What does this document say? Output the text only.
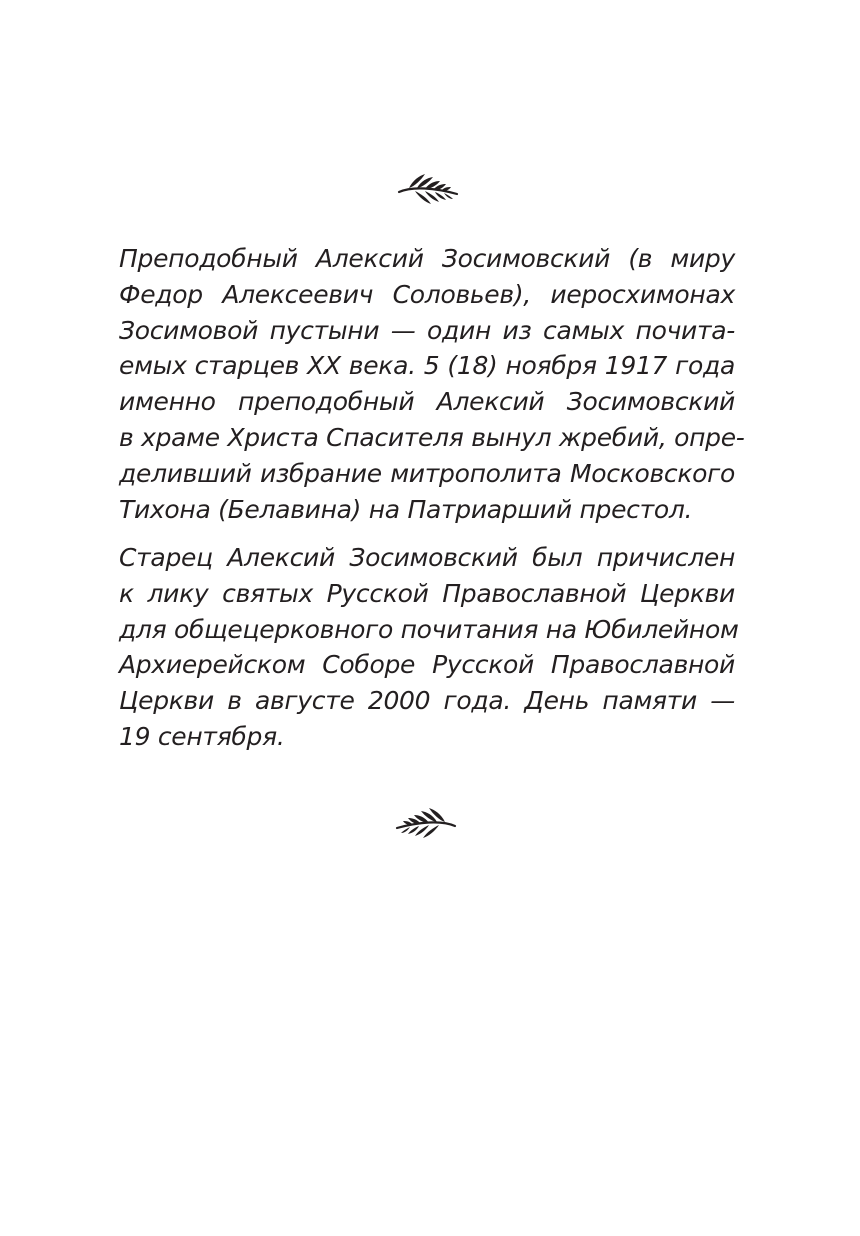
Преподобный Алексий Зосимовский (в миру
Федор Алексеевич Соловьев), иеросхимонах
Зосимовой пустыни — один из самых почита-
емых старцев XX века. 5 (18) ноября 1917 года
именно преподобный Алексий Зосимовский
в храме Христа Спасителя вынул жребий, опре-
деливший избрание митрополита Московского
Тихона (Белавина) на Патриарший престол.
Старец Алексий Зосимовский был причислен
к лику святых Русской Православной Церкви
для общецерковного почитания на Юбилейном
Архиерейском Соборе Русской Православной
Церкви в августе 2000 года. День памяти —
19 сентября.
